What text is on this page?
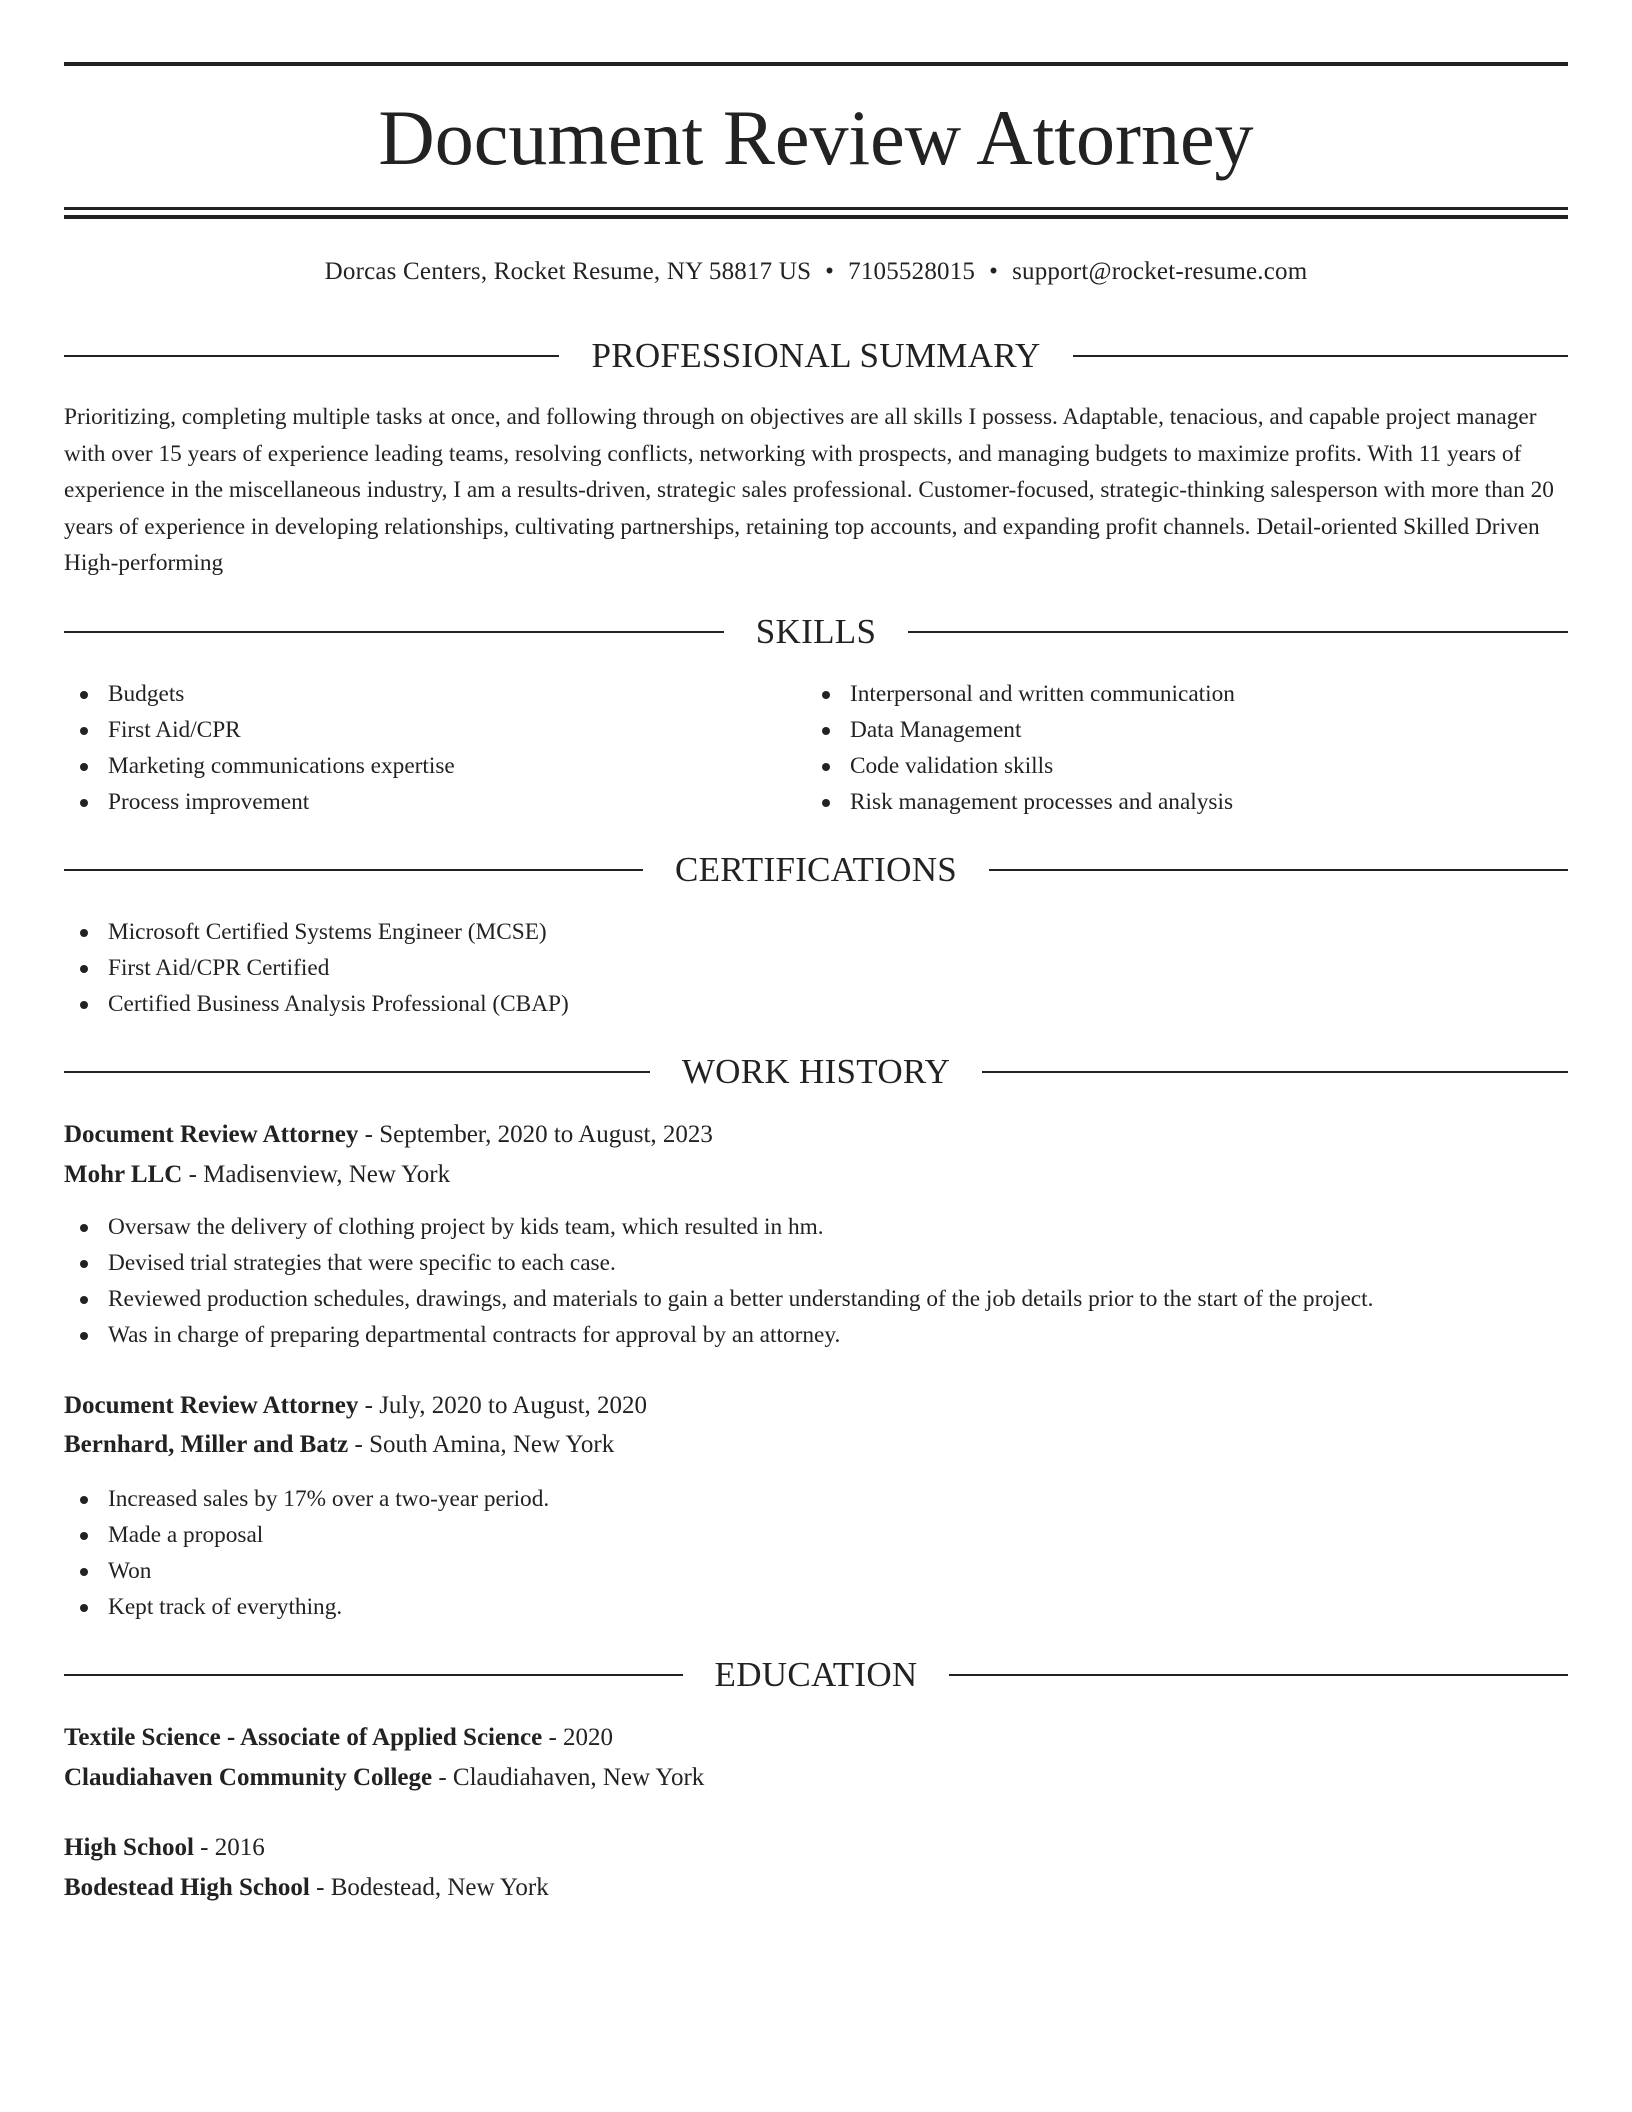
Document Review Attorney
Dorcas Centers, Rocket Resume, NY 58817 US • 7105528015 • support@rocket-resume.com
PROFESSIONAL SUMMARY

Prioritizing, completing multiple tasks at once, and following through on objectives are all skills I possess. Adaptable, tenacious, and capable project manager with over 15 years of experience leading teams, resolving conflicts, networking with prospects, and managing budgets to maximize profits. With 11 years of experience in the miscellaneous industry, I am a results-driven, strategic sales professional. Customer-focused, strategic-thinking salesperson with more than 20 years of experience in developing relationships, cultivating partnerships, retaining top accounts, and expanding profit channels. Detail-oriented Skilled Driven High-performing

SKILLS
Budgets
First Aid/CPR
Marketing communications expertise
Process improvement
Interpersonal and written communication
Data Management
Code validation skills
Risk management processes and analysis
CERTIFICATIONS
Microsoft Certified Systems Engineer (MCSE)
First Aid/CPR Certified
Certified Business Analysis Professional (CBAP)
WORK HISTORY
Document Review Attorney - September, 2020 to August, 2023
Mohr LLC - Madisenview, New York
Oversaw the delivery of clothing project by kids team, which resulted in hm.
Devised trial strategies that were specific to each case.
Reviewed production schedules, drawings, and materials to gain a better understanding of the job details prior to the start of the project.
Was in charge of preparing departmental contracts for approval by an attorney.
Document Review Attorney - July, 2020 to August, 2020
Bernhard, Miller and Batz - South Amina, New York
Increased sales by 17% over a two-year period.
Made a proposal
Won
Kept track of everything.
EDUCATION
Textile Science - Associate of Applied Science - 2020
Claudiahaven Community College - Claudiahaven, New York
High School - 2016
Bodestead High School - Bodestead, New York
